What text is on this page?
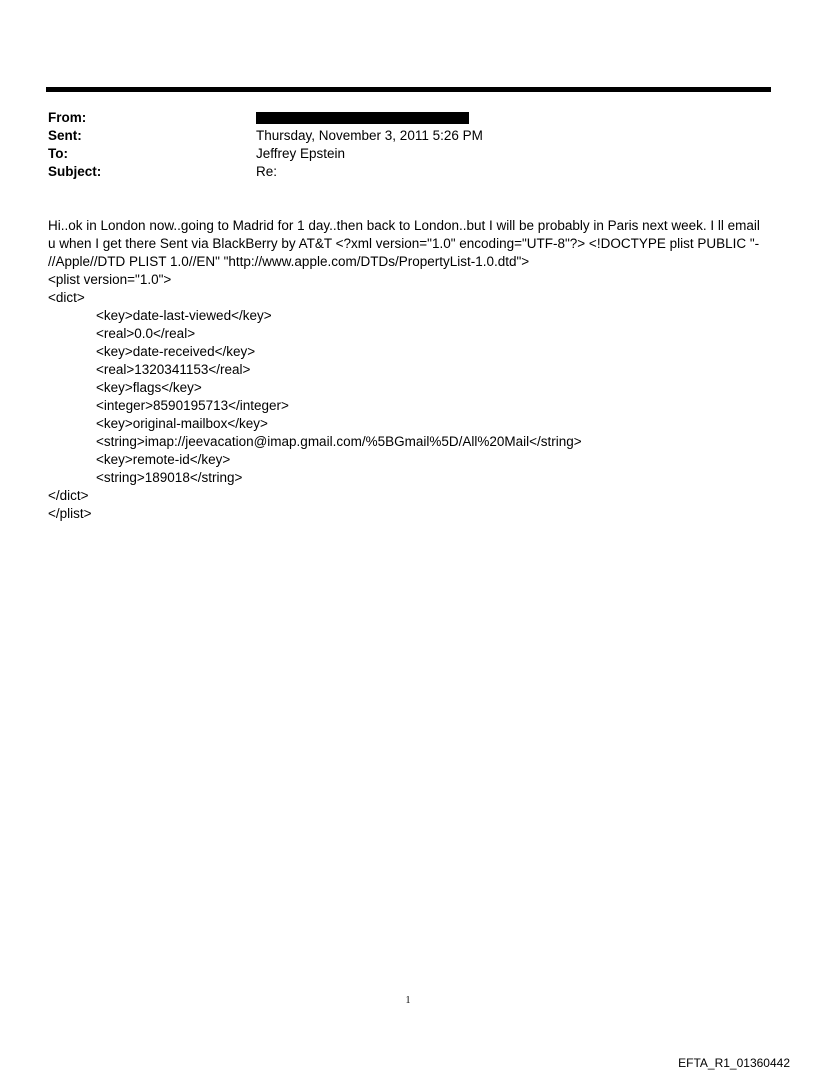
From:
Sent:	Thursday, November 3, 2011 5:26 PM
To:	Jeffrey Epstein
Subject:	Re:
Hi..ok in London now..going to Madrid for 1 day..then back to London..but I will be probably in Paris next week. I ll email
u when I get there Sent via BlackBerry by AT&T <?xml version="1.0" encoding="UTF-8"?> <!DOCTYPE plist PUBLIC "-
//Apple//DTD PLIST 1.0//EN" "http://www.apple.com/DTDs/PropertyList-1.0.dtd">
<plist version="1.0">
<dict>
<key>date-last-viewed</key>
<real>0.0</real>
<key>date-received</key>
<real>1320341153</real>
<key>flags</key>
<integer>8590195713</integer>
<key>original-mailbox</key>
<string>imap://jeevacation@imap.gmail.com/%5BGmail%5D/All%20Mail</string>
<key>remote-id</key>
<string>189018</string>
</dict>
</plist>
1
EFTA_R1_01360442
